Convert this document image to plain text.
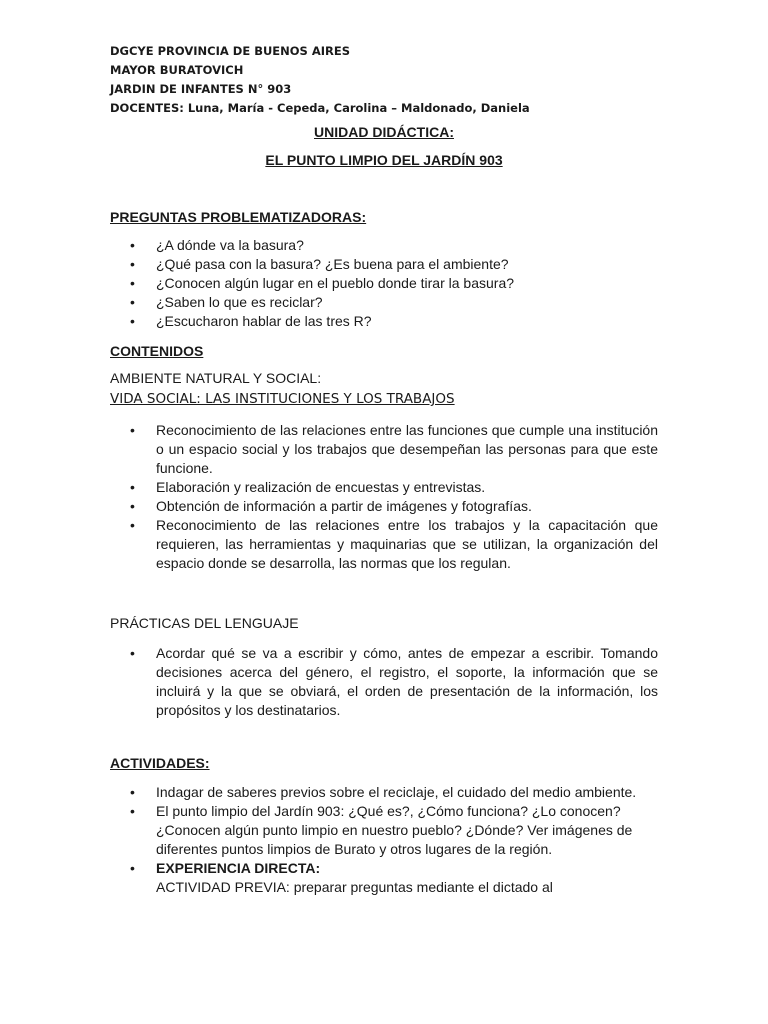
DGCYE PROVINCIA DE BUENOS AIRES
MAYOR BURATOVICH
JARDIN DE INFANTES N° 903
DOCENTES: Luna, María - Cepeda, Carolina – Maldonado, Daniela
UNIDAD DIDÁCTICA:
EL PUNTO LIMPIO DEL JARDÍN 903
PREGUNTAS PROBLEMATIZADORAS:
• ¿A dónde va la basura?
• ¿Qué pasa con la basura? ¿Es buena para el ambiente?
• ¿Conocen algún lugar en el pueblo donde tirar la basura?
• ¿Saben lo que es reciclar?
• ¿Escucharon hablar de las tres R?
CONTENIDOS
AMBIENTE NATURAL Y SOCIAL:
VIDA SOCIAL: LAS INSTITUCIONES Y LOS TRABAJOS
• Reconocimiento de las relaciones entre las funciones que cumple una institución o un espacio social y los trabajos que desempeñan las personas para que este funcione.
• Elaboración y realización de encuestas y entrevistas.
• Obtención de información a partir de imágenes y fotografías.
• Reconocimiento de las relaciones entre los trabajos y la capacitación que requieren, las herramientas y maquinarias que se utilizan, la organización del espacio donde se desarrolla, las normas que los regulan.
PRÁCTICAS DEL LENGUAJE
• Acordar qué se va a escribir y cómo, antes de empezar a escribir. Tomando decisiones acerca del género, el registro, el soporte, la información que se incluirá y la que se obviará, el orden de presentación de la información, los propósitos y los destinatarios.
ACTIVIDADES:
• Indagar de saberes previos sobre el reciclaje, el cuidado del medio ambiente.
• El punto limpio del Jardín 903: ¿Qué es?, ¿Cómo funciona? ¿Lo conocen? ¿Conocen algún punto limpio en nuestro pueblo? ¿Dónde? Ver imágenes de diferentes puntos limpios de Burato y otros lugares de la región.
• EXPERIENCIA DIRECTA:
ACTIVIDAD PREVIA: preparar preguntas mediante el dictado al
